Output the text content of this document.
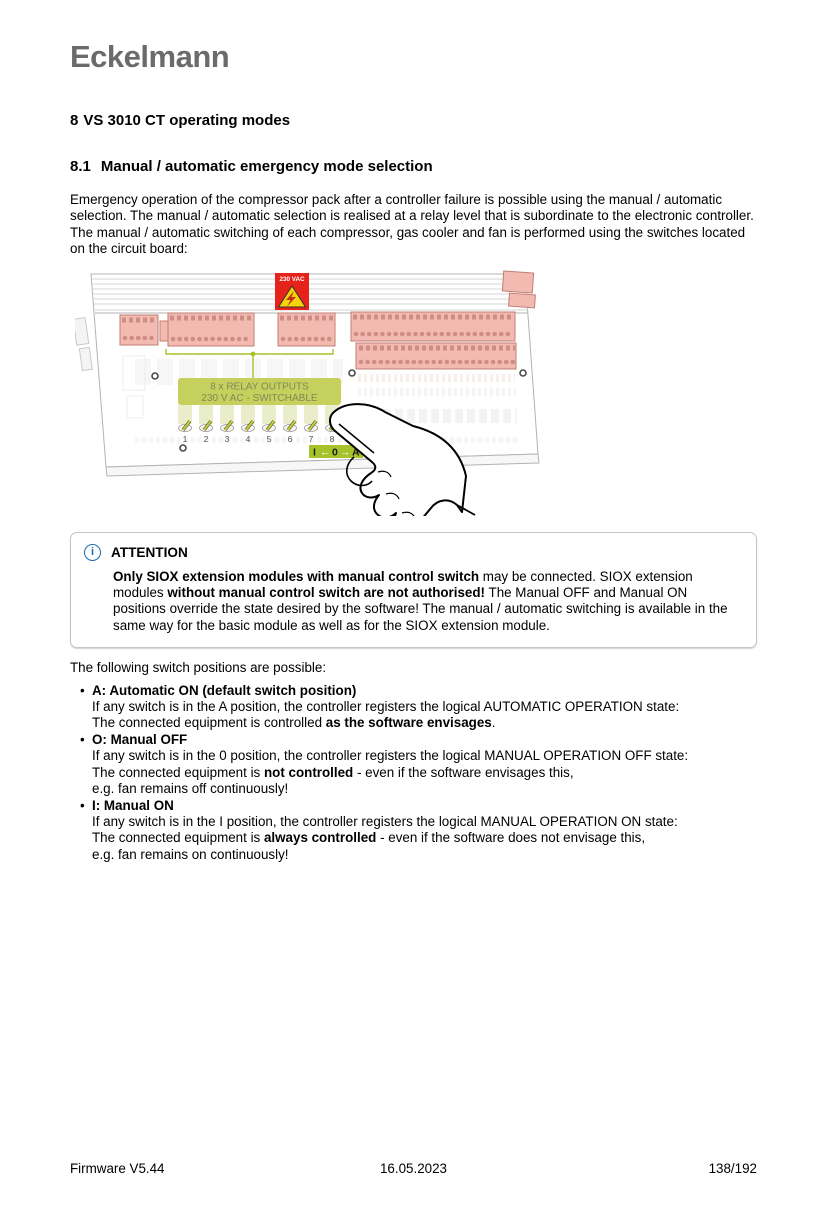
Eckelmann
8 VS 3010 CT operating modes
8.1 Manual / automatic emergency mode selection

Emergency operation of the compressor pack after a controller failure is possible using the manual / automatic selection. The manual / automatic selection is realised at a relay level that is subordinate to the electronic controller.
The manual / automatic switching of each compressor, gas cooler and fan is performed using the switches located on the circuit board:

230 VAC
8 x RELAY OUTPUTS
230 V AC - SWITCHABLE
1 2 3 4 5 6 7 8
I ← 0 → A
i	ATTENTION

Only SIOX extension modules with manual control switch may be connected. SIOX extension modules without manual control switch are not authorised! The Manual OFF and Manual ON positions override the state desired by the software! The manual / automatic switching is available in the same way for the basic module as well as for the SIOX extension module.

The following switch positions are possible:

• A: Automatic ON (default switch position)
If any switch is in the A position, the controller registers the logical AUTOMATIC OPERATION state:
The connected equipment is controlled as the software envisages.
• O: Manual OFF
If any switch is in the 0 position, the controller registers the logical MANUAL OPERATION OFF state:
The connected equipment is not controlled - even if the software envisages this,
e.g. fan remains off continuously!
• I: Manual ON
If any switch is in the I position, the controller registers the logical MANUAL OPERATION ON state:
The connected equipment is always controlled - even if the software does not envisage this,
e.g. fan remains on continuously!
Firmware V5.44	16.05.2023	138/192
